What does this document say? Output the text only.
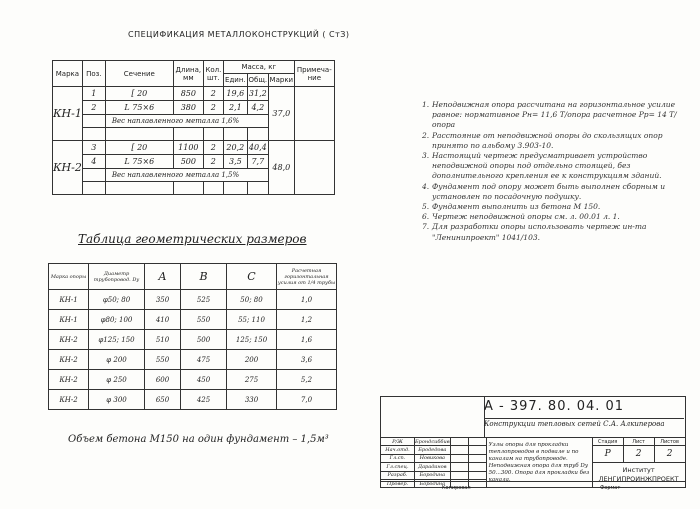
СПЕЦИФИКАЦИЯ МЕТАЛЛОКОНСТРУКЦИЙ ( СтЗ)
Марка	Поз.	Сечение	Длина, мм	Кол. шт.	Масса, кг			Примеча- ние
					Един.	Общ.	Марки	
КН-1	1	[ 20	850	2	19,6	31,2	37,0	
	2	L 75×6	380	2	2,1	4,2		
		Вес наплавленного металла 1,6%						

КН-2	3	[ 20	1100	2	20,2	40,4	48,0	
	4	L 75×6	500	2	3,5	7,7		
		Вес наплавленного металла 1,5%						

1. Неподвижная опора рассчитана на горизонтальное усилие равное: нормативное Pн= 11,6 Т/опора расчетное Pp= 14 Т/опора
2. Расстояние от неподвижной опоры до скользящих опор принято по альбому 3.903-10.
3. Настоящий чертеж предусматривает устройство неподвижной опоры под отдельно стоящей, без дополнительного крепления ее к конструкциям зданий.
4. Фундамент под опору может быть выполнен сборным и установлен по посадочную подушку.
5. Фундамент выполнить из бетона М 150.
6. Чертеж неподвижной опоры см. л. 00.01 л. 1.
7. Для разработки опоры использовать чертеж ин-та "Ленинипроект" 1041/103.
Таблица геометрических размеров
Марка опоры	Диаметр трубопровод. Dу	A	B	C	Расчетная горизонтальная усилия от 1/4 трубы
КН-1	φ50; 80	350	525	50; 80	1,0
КН-1	φ80; 100	410	550	55; 110	1,2
КН-2	φ125; 150	510	500	125; 150	1,6
КН-2	φ 200	550	475	200	3,6
КН-2	φ 250	600	450	275	5,2
КН-2	φ 300	650	425	330	7,0
Объем бетона М150 на один фундамент – 1,5м³
А - 397. 80. 04. 01
Конструкции тепловых сетей С.А. Алкиперова
Р/Ж	Брондсиббив			Узлы опоры для прокладки теплопроводов в подвале и по каналам на трубопроводе. Неподвижная опора для труб Dy 50...300. Опора для прокладки без канала.	Стадия	Лист	Листов
Нач.отд.	Бродедова				Р	2	2
Гл.сп.	Новикова						
Гл.спец.	Дараданов				Институт ЛЕНГИПРОИНЖПРОЕКТ		
Разраб.	Бородина						
Провер.	Бородина						
Копировал	Формат
